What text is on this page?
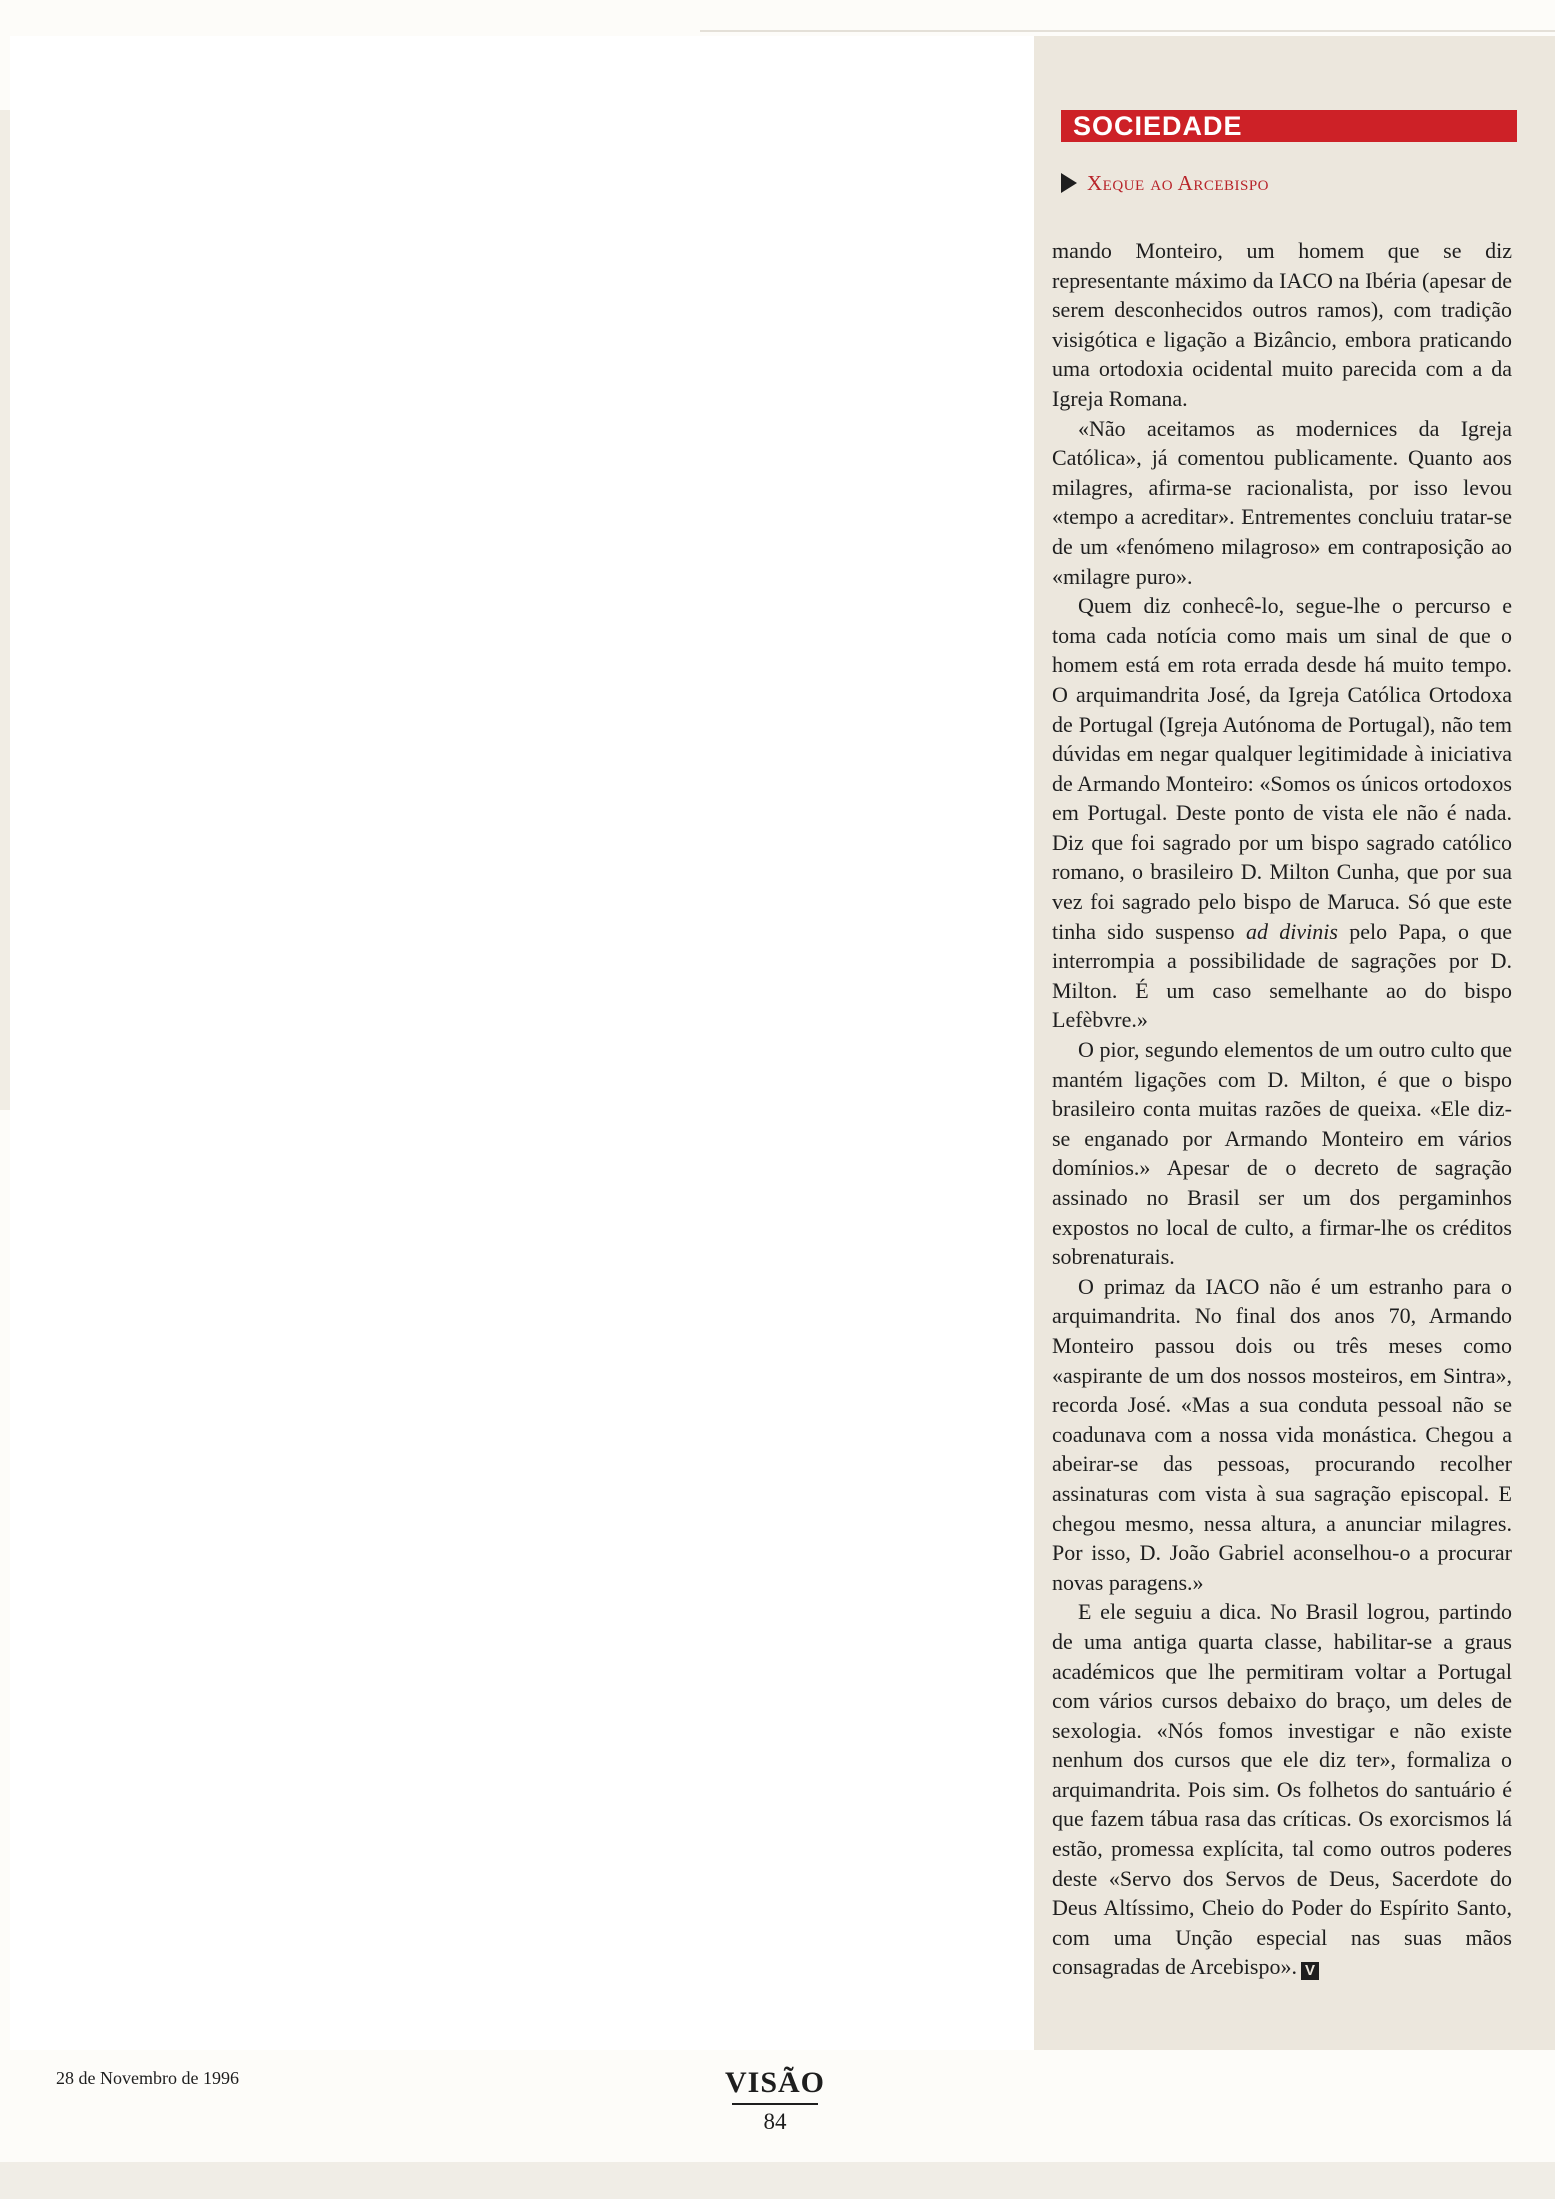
SOCIEDADE
Xeque ao Arcebispo

mando Monteiro, um homem que se diz representante máximo da IACO na Ibéria (apesar de serem desconhecidos outros ramos), com tradição visigótica e ligação a Bizâncio, embora praticando uma ortodoxia ocidental muito parecida com a da Igreja Romana.

«Não aceitamos as modernices da Igreja Católica», já comentou publicamente. Quanto aos milagres, afirma-se racionalista, por isso levou «tempo a acreditar». Entrementes concluiu tratar-se de um «fenómeno milagroso» em contraposição ao «milagre puro».

Quem diz conhecê-lo, segue-lhe o percurso e toma cada notícia como mais um sinal de que o homem está em rota errada desde há muito tempo. O arquimandrita José, da Igreja Católica Ortodoxa de Portugal (Igreja Autónoma de Portugal), não tem dúvidas em negar qualquer legitimidade à iniciativa de Armando Monteiro: «Somos os únicos ortodoxos em Portugal. Deste ponto de vista ele não é nada. Diz que foi sagrado por um bispo sagrado católico romano, o brasileiro D. Milton Cunha, que por sua vez foi sagrado pelo bispo de Maruca. Só que este tinha sido suspenso ad divinis pelo Papa, o que interrompia a possibilidade de sagrações por D. Milton. É um caso semelhante ao do bispo Lefèbvre.»

O pior, segundo elementos de um outro culto que mantém ligações com D. Milton, é que o bispo brasileiro conta muitas razões de queixa. «Ele diz-se enganado por Armando Monteiro em vários domínios.» Apesar de o decreto de sagração assinado no Brasil ser um dos pergaminhos expostos no local de culto, a firmar-lhe os créditos sobrenaturais.

O primaz da IACO não é um estranho para o arquimandrita. No final dos anos 70, Armando Monteiro passou dois ou três meses como «aspirante de um dos nossos mosteiros, em Sintra», recorda José. «Mas a sua conduta pessoal não se coadunava com a nossa vida monástica. Chegou a abeirar-se das pessoas, procurando recolher assinaturas com vista à sua sagração episcopal. E chegou mesmo, nessa altura, a anunciar milagres. Por isso, D. João Gabriel aconselhou-o a procurar novas paragens.»

E ele seguiu a dica. No Brasil logrou, partindo de uma antiga quarta classe, habilitar-se a graus académicos que lhe permitiram voltar a Portugal com vários cursos debaixo do braço, um deles de sexologia. «Nós fomos investigar e não existe nenhum dos cursos que ele diz ter», formaliza o arquimandrita. Pois sim. Os folhetos do santuário é que fazem tábua rasa das críticas. Os exorcismos lá estão, promessa explícita, tal como outros poderes deste «Servo dos Servos de Deus, Sacerdote do Deus Altíssimo, Cheio do Poder do Espírito Santo, com uma Unção especial nas suas mãos consagradas de Arcebispo». V

28 de Novembro de 1996	VISÃO
84
